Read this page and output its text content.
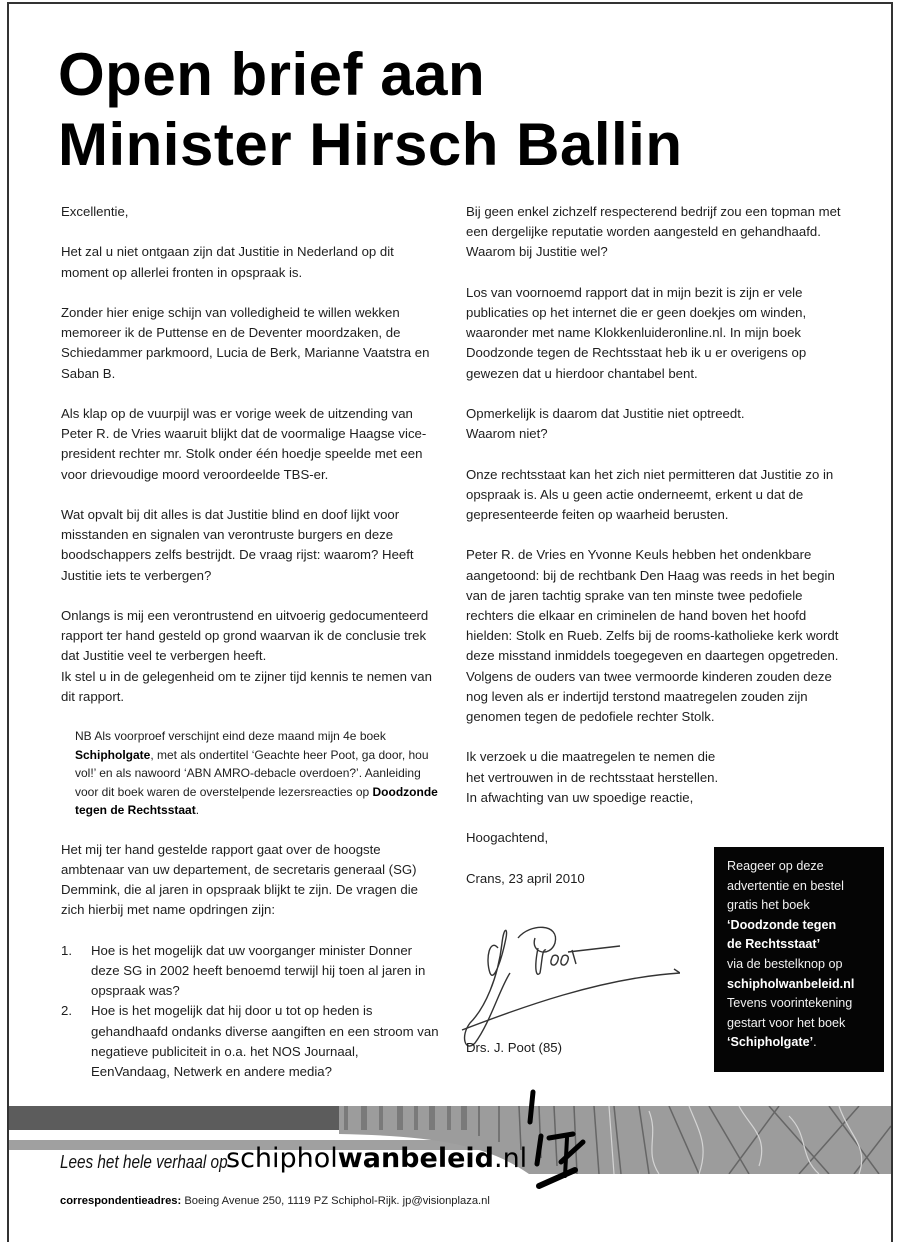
Open brief aan
Minister Hirsch Ballin

Excellentie,

Het zal u niet ontgaan zijn dat Justitie in Nederland op dit moment op allerlei fronten in opspraak is.

Zonder hier enige schijn van volledigheid te willen wekken memoreer ik de Puttense en de Deventer moordzaken, de Schiedammer parkmoord, Lucia de Berk, Marianne Vaatstra en Saban B.

Als klap op de vuurpijl was er vorige week de uitzending van Peter R. de Vries waaruit blijkt dat de voormalige Haagse vice-president rechter mr. Stolk onder één hoedje speelde met een voor drievoudige moord veroordeelde TBS-er.

Wat opvalt bij dit alles is dat Justitie blind en doof lijkt voor misstanden en signalen van verontruste burgers en deze boodschappers zelfs bestrijdt. De vraag rijst: waarom? Heeft Justitie iets te verbergen?

Onlangs is mij een verontrustend en uitvoerig gedocumenteerd rapport ter hand gesteld op grond waarvan ik de conclusie trek dat Justitie veel te verbergen heeft.

Ik stel u in de gelegenheid om te zijner tijd kennis te nemen van dit rapport.

NB Als voorproef verschijnt eind deze maand mijn 4e boek Schipholgate, met als ondertitel ‘Geachte heer Poot, ga door, hou vol!’ en als nawoord ‘ABN AMRO-debacle overdoen?’. Aanleiding voor dit boek waren de overstelpende lezersreacties op Doodzonde tegen de Rechtsstaat.

Het mij ter hand gestelde rapport gaat over de hoogste ambtenaar van uw departement, de secretaris generaal (SG) Demmink, die al jaren in opspraak blijkt te zijn. De vragen die zich hierbij met name opdringen zijn:

1. Hoe is het mogelijk dat uw voorganger minister Donner deze SG in 2002 heeft benoemd terwijl hij toen al jaren in opspraak was?
2. Hoe is het mogelijk dat hij door u tot op heden is gehandhaafd ondanks diverse aangiften en een stroom van negatieve publiciteit in o.a. het NOS Journaal, EenVandaag, Netwerk en andere media?

Bij geen enkel zichzelf respecterend bedrijf zou een topman met een dergelijke reputatie worden aangesteld en gehandhaafd. Waarom bij Justitie wel?

Los van voornoemd rapport dat in mijn bezit is zijn er vele publicaties op het internet die er geen doekjes om winden, waaronder met name Klokkenluideronline.nl. In mijn boek Doodzonde tegen de Rechtsstaat heb ik u er overigens op gewezen dat u hierdoor chantabel bent.

Opmerkelijk is daarom dat Justitie niet optreedt.
Waarom niet?

Onze rechtsstaat kan het zich niet permitteren dat Justitie zo in opspraak is. Als u geen actie onderneemt, erkent u dat de gepresenteerde feiten op waarheid berusten.

Peter R. de Vries en Yvonne Keuls hebben het ondenkbare aangetoond: bij de rechtbank Den Haag was reeds in het begin van de jaren tachtig sprake van ten minste twee pedofiele rechters die elkaar en criminelen de hand boven het hoofd hielden: Stolk en Rueb. Zelfs bij de rooms-katholieke kerk wordt deze misstand inmiddels toegegeven en daartegen opgetreden. Volgens de ouders van twee vermoorde kinderen zouden deze nog leven als er indertijd terstond maatregelen zouden zijn genomen tegen de pedofiele rechter Stolk.

Ik verzoek u die maatregelen te nemen die
het vertrouwen in de rechtsstaat herstellen.
In afwachting van uw spoedige reactie,

Hoogachtend,

Crans, 23 april 2010

Drs. J. Poot (85)
Reageer op deze
advertentie en bestel
gratis het boek
‘Doodzonde tegen
de Rechtsstaat’
via de bestelknop op
schipholwanbeleid.nl
Tevens voorintekening
gestart voor het boek
‘Schipholgate’.
Lees het hele verhaal op
schipholwanbeleid.nl
correspondentieadres: Boeing Avenue 250, 1119 PZ Schiphol-Rijk. jp@visionplaza.nl
